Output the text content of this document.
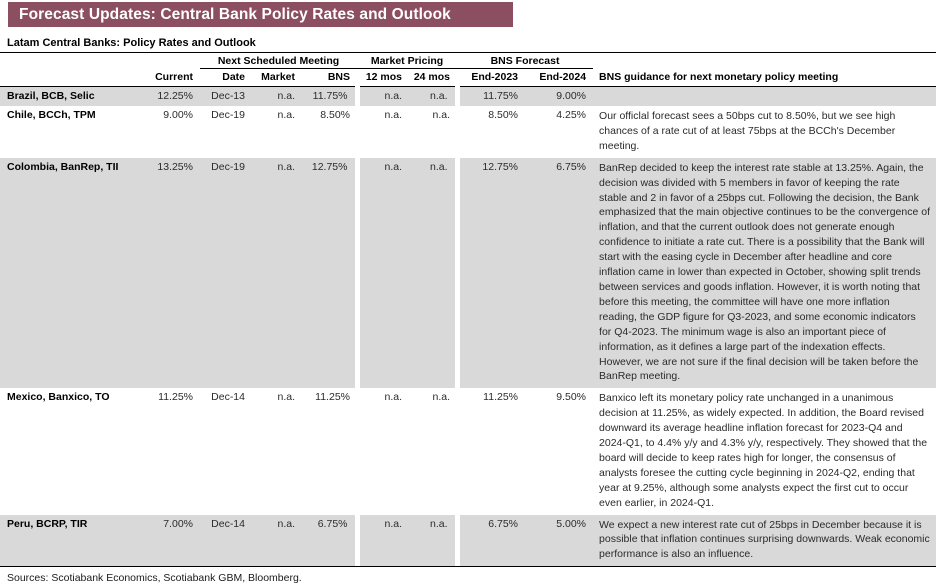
Forecast Updates: Central Bank Policy Rates and Outlook
Latam Central Banks: Policy Rates and Outlook
		Next Scheduled Meeting			Market Pricing		BNS Forecast		
	Current	Date	Market	BNS	12 mos	24 mos	End-2023	End-2024	BNS guidance for next monetary policy meeting
Brazil, BCB, Selic	12.25%	Dec-13	n.a.	11.75%	n.a.	n.a.	11.75%	9.00%	
Chile, BCCh, TPM	9.00%	Dec-19	n.a.	8.50%	n.a.	n.a.	8.50%	4.25%	Our officlal forecast sees a 50bps cut to 8.50%, but we see high chances of a rate cut of at least 75bps at the BCCh's December meeting.
Colombia, BanRep, TII	13.25%	Dec-19	n.a.	12.75%	n.a.	n.a.	12.75%	6.75%	BanRep decided to keep the interest rate stable at 13.25%. Again, the decision was divided with 5 members in favor of keeping the rate stable and 2 in favor of a 25bps cut. Following the decision, the Bank emphasized that the main objective continues to be the convergence of inflation, and that the current outlook does not generate enough confidence to initiate a rate cut. There is a possibility that the Bank will start with the easing cycle in December after headline and core inflation came in lower than expected in October, showing split trends between services and goods inflation. However, it is worth noting that before this meeting, the committee will have one more inflation reading, the GDP figure for Q3-2023, and some economic indicators for Q4-2023. The minimum wage is also an important piece of information, as it defines a large part of the indexation effects. However, we are not sure if the final decision will be taken before the BanRep meeting.
Mexico, Banxico, TO	11.25%	Dec-14	n.a.	11.25%	n.a.	n.a.	11.25%	9.50%	Banxico left its monetary policy rate unchanged in a unanimous decision at 11.25%, as widely expected. In addition, the Board revised downward its average headline inflation forecast for 2023-Q4 and 2024-Q1, to 4.4% y/y and 4.3% y/y, respectively. They showed that the board will decide to keep rates high for longer, the consensus of analysts foresee the cutting cycle beginning in 2024-Q2, ending that year at 9.25%, although some analysts expect the first cut to occur even earlier, in 2024-Q1.
Peru, BCRP, TIR	7.00%	Dec-14	n.a.	6.75%	n.a.	n.a.	6.75%	5.00%	We expect a new interest rate cut of 25bps in December because it is possible that inflation continues surprising downwards. Weak economic performance is also an influence.
Sources: Scotiabank Economics, Scotiabank GBM, Bloomberg.
